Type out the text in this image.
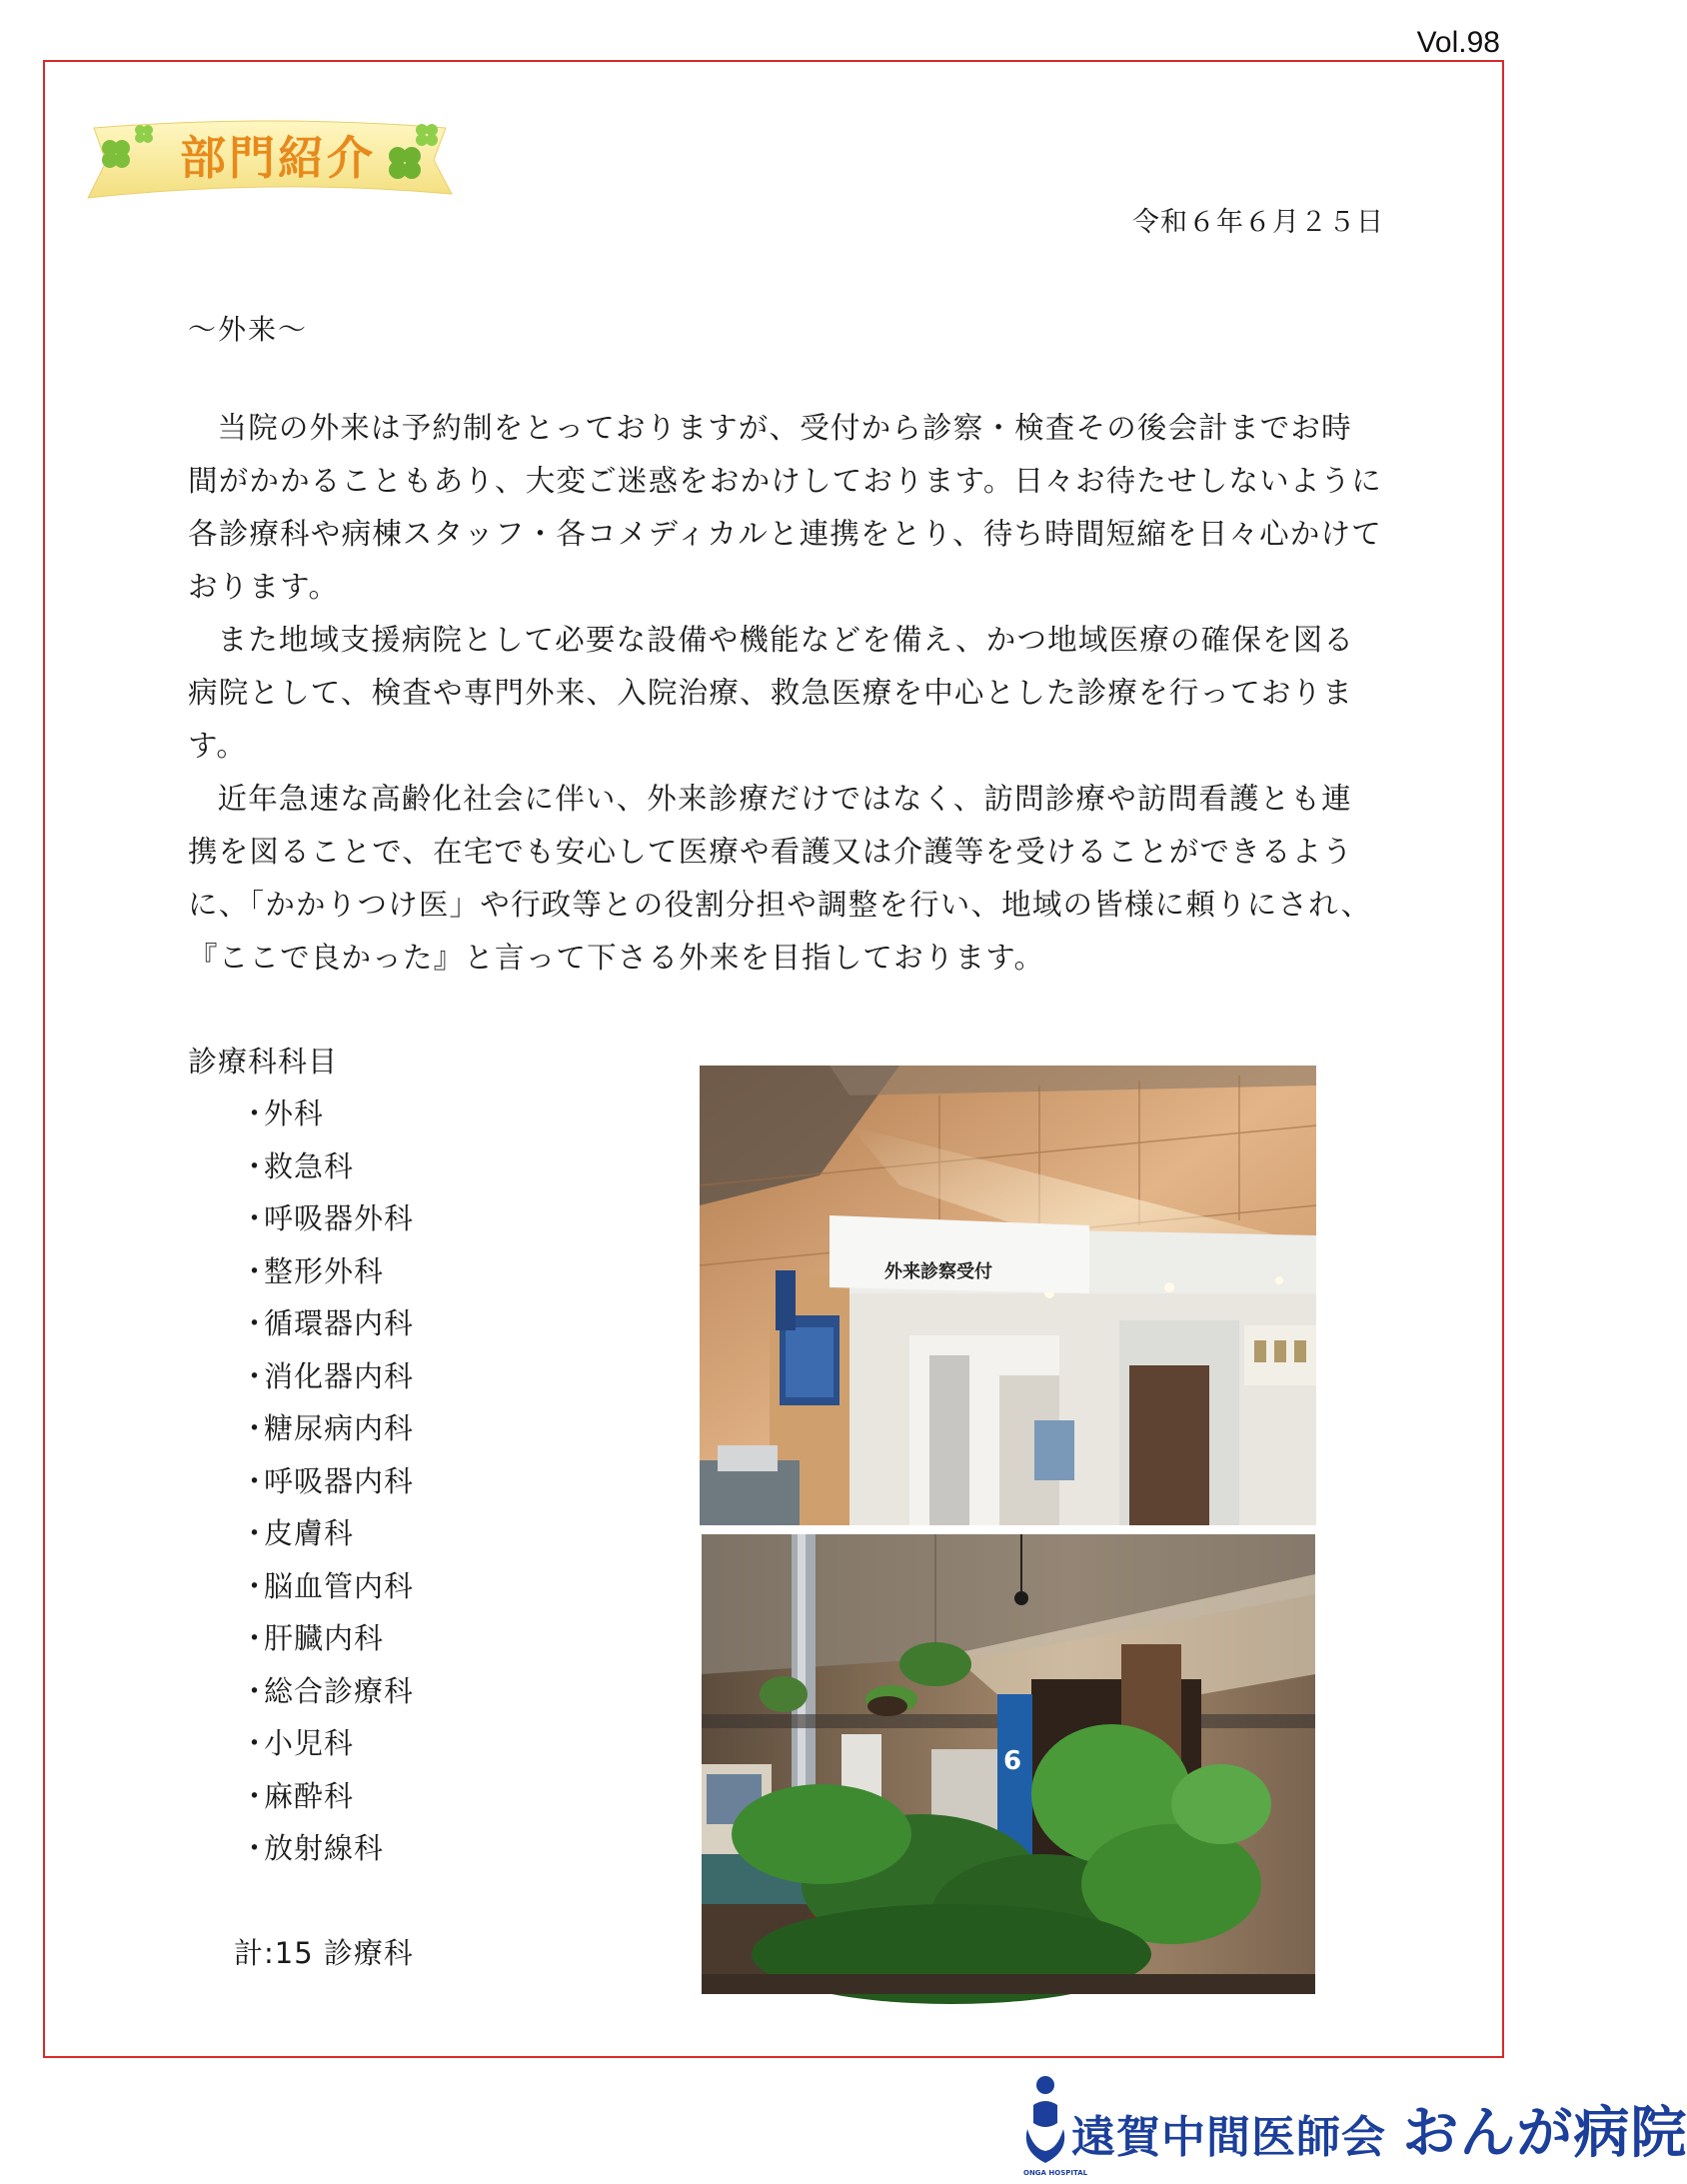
Vol.98
部門紹介
令和６年６月２５日
～外来～

当院の外来は予約制をとっておりますが、受付から診察・検査その後会計までお時間がかかることもあり、大変ご迷惑をおかけしております。日々お待たせしないように各診療科や病棟スタッフ・各コメディカルと連携をとり、待ち時間短縮を日々心かけております。

また地域支援病院として必要な設備や機能などを備え、かつ地域医療の確保を図る病院として、検査や専門外来、入院治療、救急医療を中心とした診療を行っております。

近年急速な高齢化社会に伴い、外来診療だけではなく、訪問診療や訪問看護とも連携を図ることで、在宅でも安心して医療や看護又は介護等を受けることができるように、「かかりつけ医」や行政等との役割分担や調整を行い、地域の皆様に頼りにされ、『ここで良かった』と言って下さる外来を目指しております。

診療科科目
・
外科
・
救急科
・
呼吸器外科
・
整形外科
・
循環器内科
・
消化器内科
・
糖尿病内科
・
呼吸器内科
・
皮膚科
・
脳血管内科
・
肝臓内科
・
総合診療科
・
小児科
・
麻酔科
・
放射線科
計:15 診療科
外来診察受付
6
ONGA HOSPITAL
遠賀中間医師会 おんが病院
